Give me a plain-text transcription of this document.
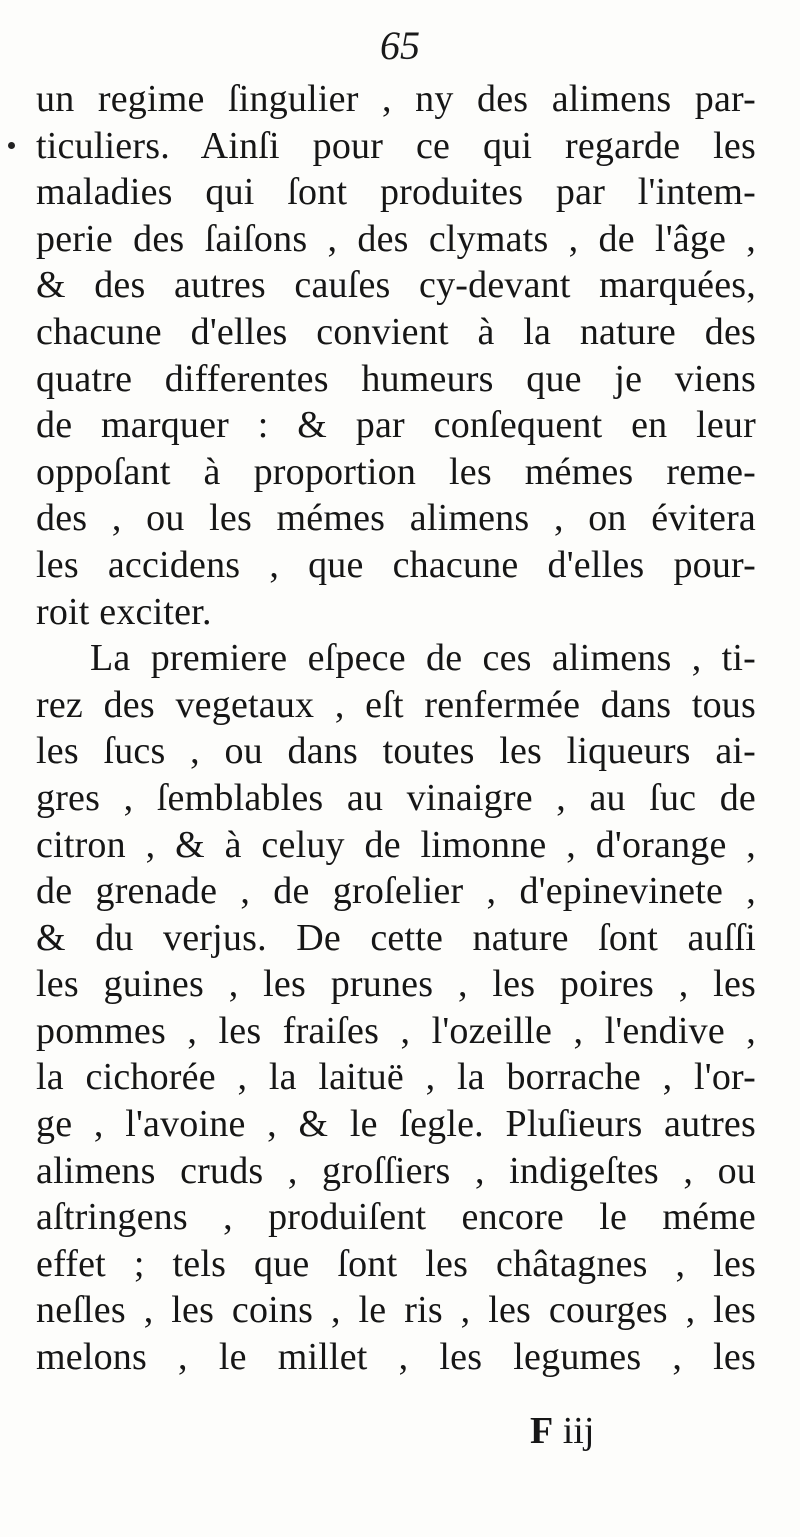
65
un regime ſingulier , ny des alimens par-
ticuliers. Ainſi pour ce qui regarde les
maladies qui ſont produites par l'intem-
perie des ſaiſons , des clymats , de l'âge ,
& des autres cauſes cy-devant marquées,
chacune d'elles convient à la nature des
quatre differentes humeurs que je viens
de marquer : & par conſequent en leur
oppoſant à proportion les mémes reme-
des , ou les mémes alimens , on évitera
les accidens , que chacune d'elles pour-
roit exciter.
La premiere eſpece de ces alimens , ti-
rez des vegetaux , eſt renfermée dans tous
les ſucs , ou dans toutes les liqueurs ai-
gres , ſemblables au vinaigre , au ſuc de
citron , & à celuy de limonne , d'orange ,
de grenade , de groſelier , d'epinevinete ,
& du verjus. De cette nature ſont auſſi
les guines , les prunes , les poires , les
pommes , les fraiſes , l'ozeille , l'endive ,
la cichorée , la laituë , la borrache , l'or-
ge , l'avoine , & le ſegle. Pluſieurs autres
alimens cruds , groſſiers , indigeſtes , ou
aſtringens , produiſent encore le méme
effet ; tels que ſont les châtagnes , les
neſles , les coins , le ris , les courges , les
melons , le millet , les legumes , les
F iij
